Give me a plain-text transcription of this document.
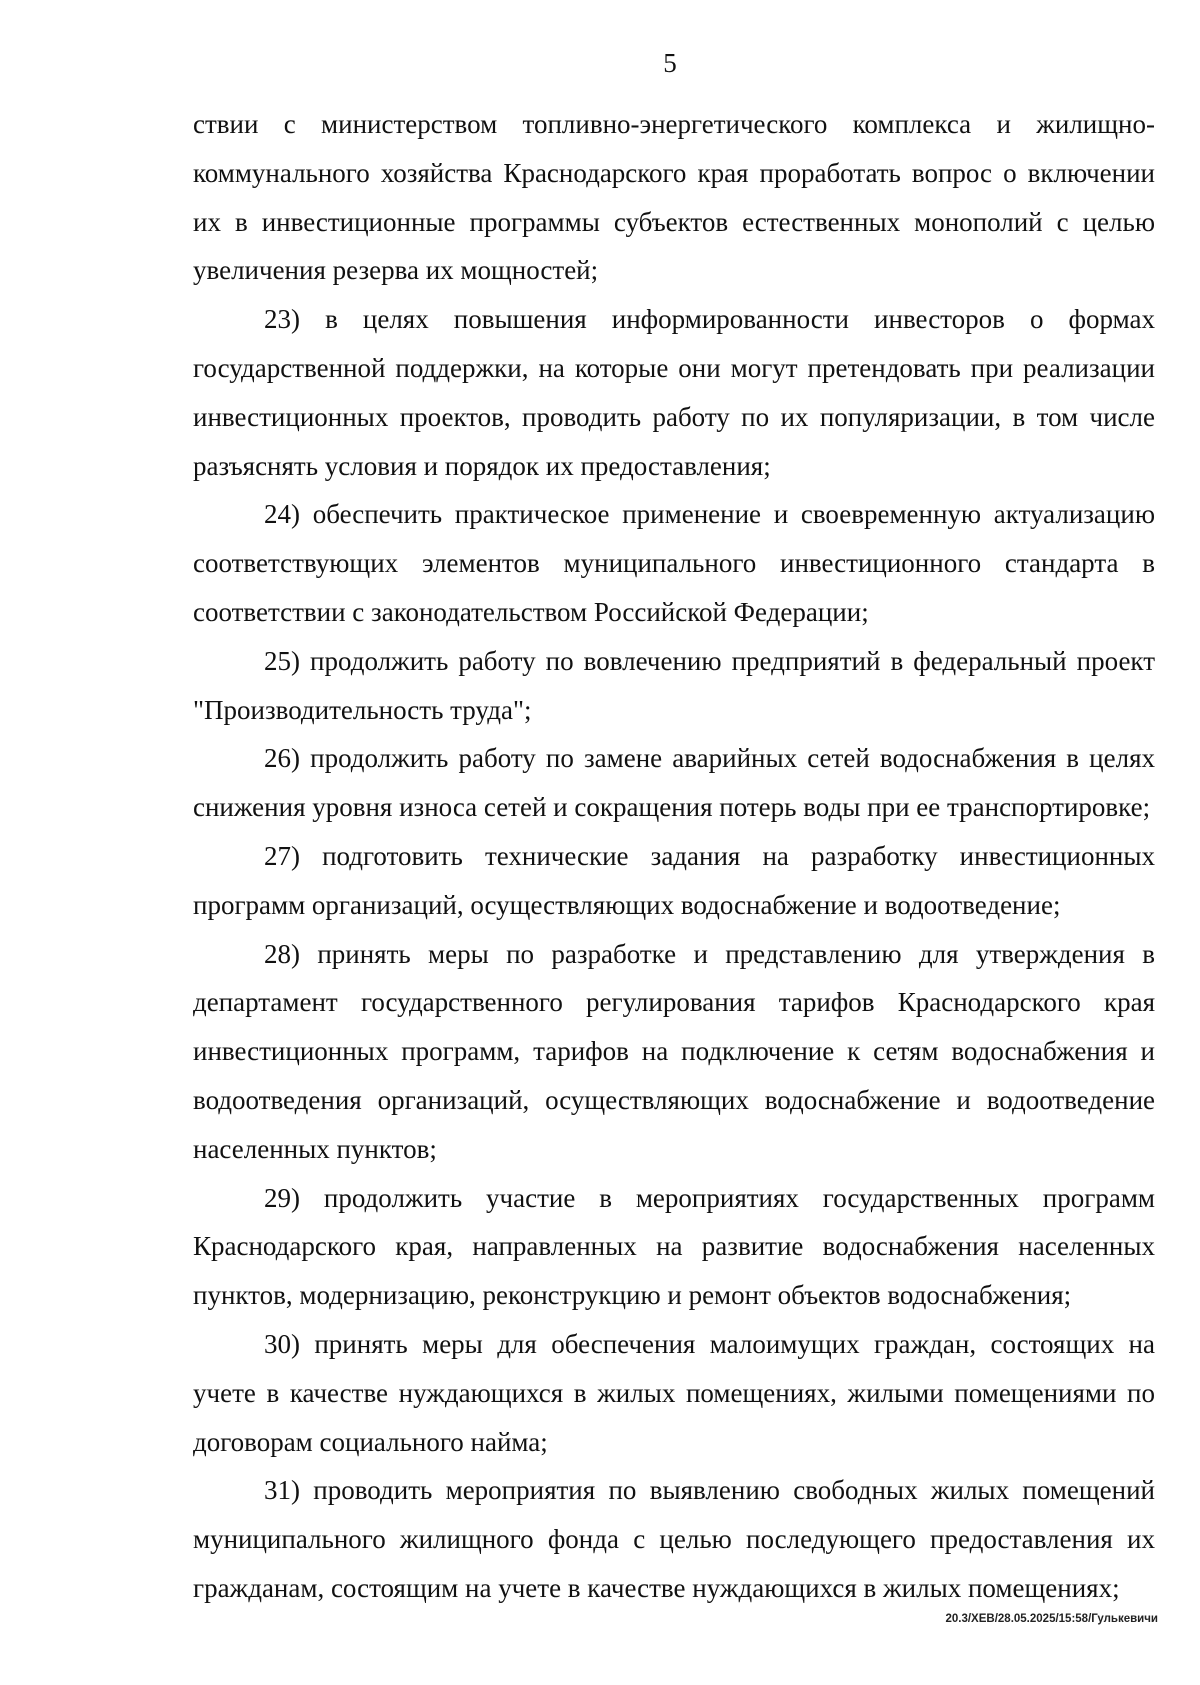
5

ствии с министерством топливно-энергетического комплекса и жилищно-коммунального хозяйства Краснодарского края проработать вопрос о включении их в инвестиционные программы субъектов естественных монополий с целью увеличения резерва их мощностей;

23) в целях повышения информированности инвесторов о формах государственной поддержки, на которые они могут претендовать при реализации инвестиционных проектов, проводить работу по их популяризации, в том числе разъяснять условия и порядок их предоставления;

24) обеспечить практическое применение и своевременную актуализацию соответствующих элементов муниципального инвестиционного стандарта в соответствии с законодательством Российской Федерации;

25) продолжить работу по вовлечению предприятий в федеральный проект "Производительность труда";

26) продолжить работу по замене аварийных сетей водоснабжения в целях снижения уровня износа сетей и сокращения потерь воды при ее транспортировке;

27) подготовить технические задания на разработку инвестиционных программ организаций, осуществляющих водоснабжение и водоотведение;

28) принять меры по разработке и представлению для утверждения в департамент государственного регулирования тарифов Краснодарского края инвестиционных программ, тарифов на подключение к сетям водоснабжения и водоотведения организаций, осуществляющих водоснабжение и водоотведение населенных пунктов;

29) продолжить участие в мероприятиях государственных программ Краснодарского края, направленных на развитие водоснабжения населенных пунктов, модернизацию, реконструкцию и ремонт объектов водоснабжения;

30) принять меры для обеспечения малоимущих граждан, состоящих на учете в качестве нуждающихся в жилых помещениях, жилыми помещениями по договорам социального найма;

31) проводить мероприятия по выявлению свободных жилых помещений муниципального жилищного фонда с целью последующего предоставления их гражданам, состоящим на учете в качестве нуждающихся в жилых помещениях;

20.3/ХЕВ/28.05.2025/15:58/Гулькевичи
